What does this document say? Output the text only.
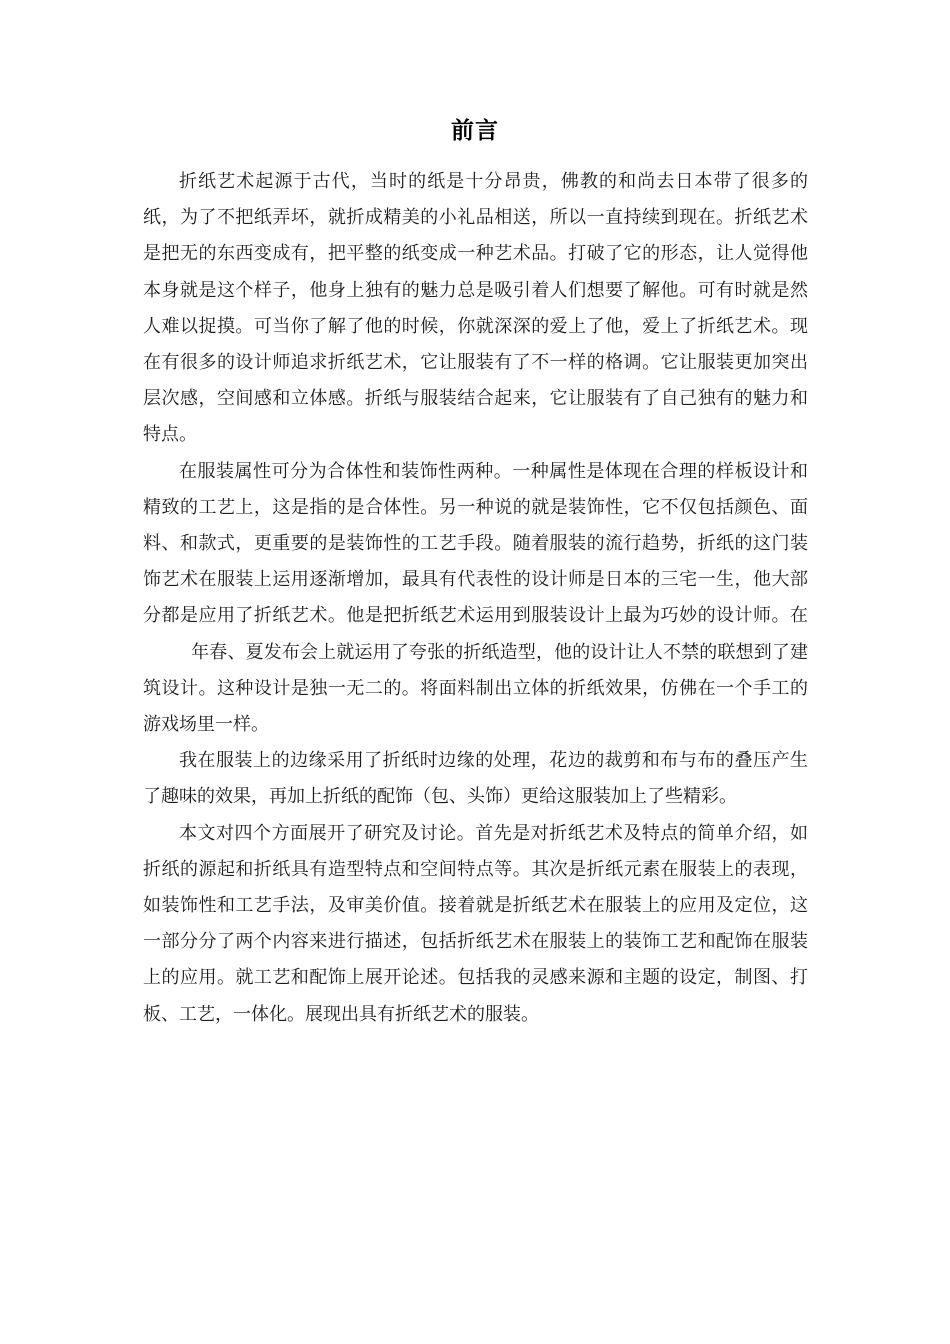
前言

折纸艺术起源于古代，当时的纸是十分昂贵，佛教的和尚去日本带了很多的纸，为了不把纸弄坏，就折成精美的小礼品相送，所以一直持续到现在。折纸艺术是把无的东西变成有，把平整的纸变成一种艺术品。打破了它的形态，让人觉得他本身就是这个样子，他身上独有的魅力总是吸引着人们想要了解他。可有时就是然人难以捉摸。可当你了解了他的时候，你就深深的爱上了他，爱上了折纸艺术。现在有很多的设计师追求折纸艺术，它让服装有了不一样的格调。它让服装更加突出层次感，空间感和立体感。折纸与服装结合起来，它让服装有了自己独有的魅力和特点。

在服装属性可分为合体性和装饰性两种。一种属性是体现在合理的样板设计和精致的工艺上，这是指的是合体性。另一种说的就是装饰性，它不仅包括颜色、面料、和款式，更重要的是装饰性的工艺手段。随着服装的流行趋势，折纸的这门装饰艺术在服装上运用逐渐增加，最具有代表性的设计师是日本的三宅一生，他大部分都是应用了折纸艺术。他是把折纸艺术运用到服装设计上最为巧妙的设计师。在年春、夏发布会上就运用了夸张的折纸造型，他的设计让人不禁的联想到了建筑设计。这种设计是独一无二的。将面料制出立体的折纸效果，仿佛在一个手工的游戏场里一样。

我在服装上的边缘采用了折纸时边缘的处理，花边的裁剪和布与布的叠压产生了趣味的效果，再加上折纸的配饰（包、头饰）更给这服装加上了些精彩。

本文对四个方面展开了研究及讨论。首先是对折纸艺术及特点的简单介绍，如折纸的源起和折纸具有造型特点和空间特点等。其次是折纸元素在服装上的表现，如装饰性和工艺手法，及审美价值。接着就是折纸艺术在服装上的应用及定位，这一部分分了两个内容来进行描述，包括折纸艺术在服装上的装饰工艺和配饰在服装上的应用。就工艺和配饰上展开论述。包括我的灵感来源和主题的设定，制图、打板、工艺，一体化。展现出具有折纸艺术的服装。
